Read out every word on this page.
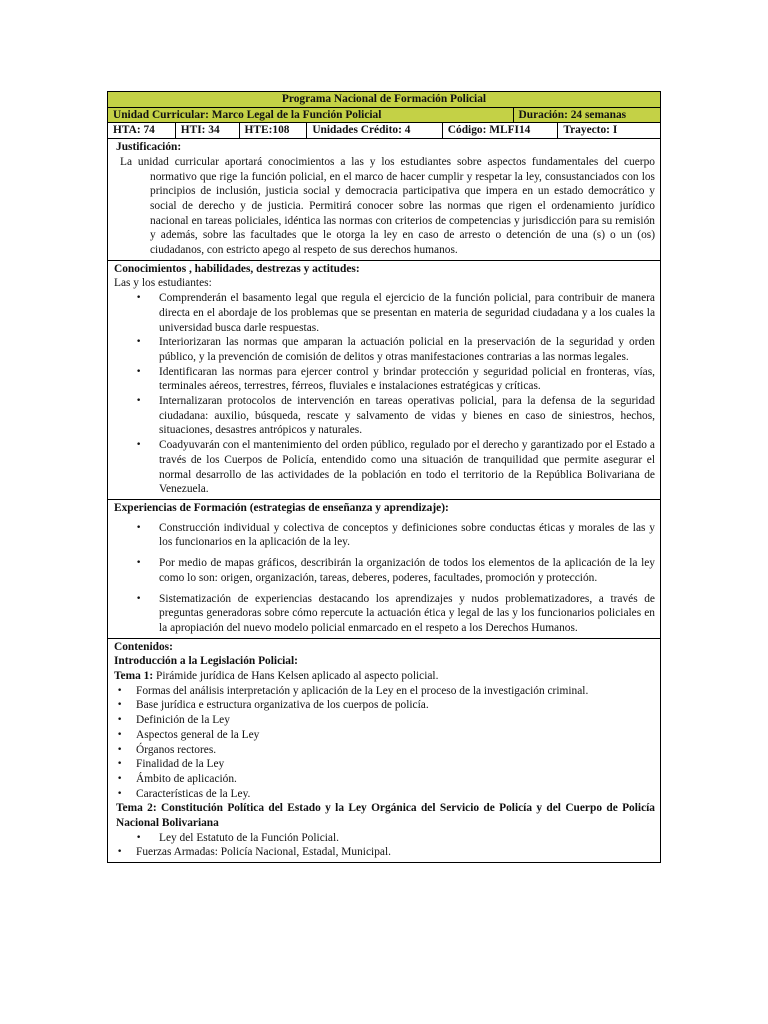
Programa Nacional de Formación Policial
Unidad Curricular: Marco Legal de la Función Policial	Duración: 24 semanas
HTA: 74	HTI: 34	HTE:108	Unidades Crédito: 4	Código: MLFI14	Trayecto: I
Justificación:
La unidad curricular aportará conocimientos a las y los estudiantes sobre aspectos fundamentales del cuerpo normativo que rige la función policial, en el marco de hacer cumplir y respetar la ley, consustanciados con los principios de inclusión, justicia social y democracia participativa que impera en un estado democrático y social de derecho y de justicia. Permitirá conocer sobre las normas que rigen el ordenamiento jurídico nacional en tareas policiales, idéntica las normas con criterios de competencias y jurisdicción para su remisión y además, sobre las facultades que le otorga la ley en caso de arresto o detención de una (s) o un (os) ciudadanos, con estricto apego al respeto de sus derechos humanos.
Conocimientos , habilidades, destrezas y actitudes:
Las y los estudiantes:
• Comprenderán el basamento legal que regula el ejercicio de la función policial, para contribuir de manera directa en el abordaje de los problemas que se presentan en materia de seguridad ciudadana y a los cuales la universidad busca darle respuestas.
• Interiorizaran las normas que amparan la actuación policial en la preservación de la seguridad y orden público, y la prevención de comisión de delitos y otras manifestaciones contrarias a las normas legales.
• Identificaran las normas para ejercer control y brindar protección y seguridad policial en fronteras, vías, terminales aéreos, terrestres, férreos, fluviales e instalaciones estratégicas y críticas.
• Internalizaran protocolos de intervención en tareas operativas policial, para la defensa de la seguridad ciudadana: auxilio, búsqueda, rescate y salvamento de vidas y bienes en caso de siniestros, hechos, situaciones, desastres antrópicos y naturales.
• Coadyuvarán con el mantenimiento del orden público, regulado por el derecho y garantizado por el Estado a través de los Cuerpos de Policía, entendido como una situación de tranquilidad que permite asegurar el normal desarrollo de las actividades de la población en todo el territorio de la República Bolivariana de Venezuela.
Experiencias de Formación (estrategias de enseñanza y aprendizaje):
• Construcción individual y colectiva de conceptos y definiciones sobre conductas éticas y morales de las y los funcionarios en la aplicación de la ley.
• Por medio de mapas gráficos, describirán la organización de todos los elementos de la aplicación de la ley como lo son: origen, organización, tareas, deberes, poderes, facultades, promoción y protección.
• Sistematización de experiencias destacando los aprendizajes y nudos problematizadores, a través de preguntas generadoras sobre cómo repercute la actuación ética y legal de las y los funcionarios policiales en la apropiación del nuevo modelo policial enmarcado en el respeto a los Derechos Humanos.
Contenidos:
Introducción a la Legislación Policial:
Tema 1: Pirámide jurídica de Hans Kelsen aplicado al aspecto policial.
• Formas del análisis interpretación y aplicación de la Ley en el proceso de la investigación criminal.
• Base jurídica e estructura organizativa de los cuerpos de policía.
• Definición de la Ley
• Aspectos general de la Ley
• Órganos rectores.
• Finalidad de la Ley
• Ámbito de aplicación.
• Características de la Ley.
Tema 2: Constitución Política del Estado y la Ley Orgánica del Servicio de Policía y del Cuerpo de Policía Nacional Bolivariana
• Ley del Estatuto de la Función Policial.
• Fuerzas Armadas: Policía Nacional, Estadal, Municipal.
